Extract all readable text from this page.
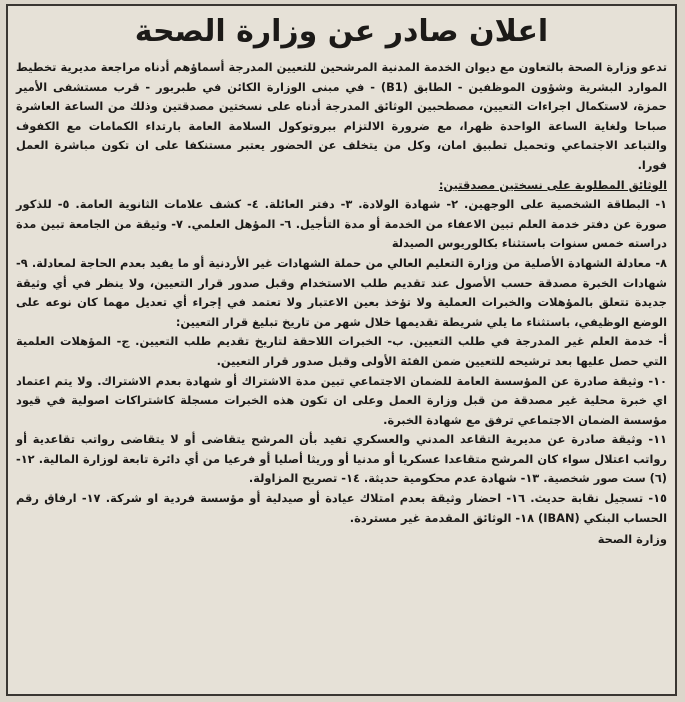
اعلان صادر عن وزارة الصحة

تدعو وزارة الصحة بالتعاون مع ديوان الخدمة المدنية المرشحين للتعيين المدرجة أسماؤهم أدناه مراجعة مديرية تخطيط الموارد البشرية وشؤون الموظفين - الطابق (B1) - في مبنى الوزارة الكائن في طبربور - قرب مستشفى الأمير حمزة، لاستكمال اجراءات التعيين، مصطحبين الوثائق المدرجة أدناه على نسختين مصدقتين وذلك من الساعة العاشرة صباحا ولغاية الساعة الواحدة ظهرا، مع ضرورة الالتزام ببروتوكول السلامة العامة بارتداء الكمامات مع الكفوف والتباعد الاجتماعي وتحميل تطبيق امان، وكل من يتخلف عن الحضور يعتبر مستنكفا على ان تكون مباشرة العمل فورا.

الوثائق المطلوبة على نسختين مصدقتين:

١- البطاقة الشخصية على الوجهين. ٢- شهادة الولادة. ٣- دفتر العائلة. ٤- كشف علامات الثانوية العامة. ٥- للذكور صورة عن دفتر خدمة العلم تبين الاعفاء من الخدمة أو مدة التأجيل. ٦- المؤهل العلمي. ٧- وثيقة من الجامعة تبين مدة دراسته خمس سنوات باستثناء بكالوريوس الصيدلة

٨- معادلة الشهادة الأصلية من وزارة التعليم العالي من حملة الشهادات غير الأردنية أو ما يفيد بعدم الحاجة لمعادلة. ٩- شهادات الخبرة مصدقة حسب الأصول عند تقديم طلب الاستخدام وقبل صدور قرار التعيين، ولا ينظر في أي وثيقة جديدة تتعلق بالمؤهلات والخبرات العملية ولا تؤخذ بعين الاعتبار ولا تعتمد في إجراء أي تعديل مهما كان نوعه على الوضع الوظيفي، باستثناء ما يلي شريطة تقديمها خلال شهر من تاريخ تبليغ قرار التعيين:

أ- خدمة العلم غير المدرجة في طلب التعيين. ب- الخبرات اللاحقة لتاريخ تقديم طلب التعيين. ج- المؤهلات العلمية التي حصل عليها بعد ترشيحه للتعيين ضمن الفئة الأولى وقبل صدور قرار التعيين.

١٠- وثيقة صادرة عن المؤسسة العامة للضمان الاجتماعي تبين مدة الاشتراك أو شهادة بعدم الاشتراك. ولا يتم اعتماد اي خبرة محلية غير مصدقة من قبل وزارة العمل وعلى ان تكون هذه الخبرات مسجلة كاشتراكات اصولية في قيود مؤسسة الضمان الاجتماعي ترفق مع شهادة الخبرة.

١١- وثيقة صادرة عن مديرية التقاعد المدني والعسكري تفيد بأن المرشح يتقاضى أو لا يتقاضى رواتب تقاعدية أو رواتب اعتلال سواء كان المرشح متقاعدا عسكريا أو مدنيا أو وريثا أصليا أو فرعيا من أي دائرة تابعة لوزارة المالية. ١٢- (٦) ست صور شخصية. ١٣- شهادة عدم محكومية حديثة. ١٤- تصريح المزاولة.

١٥- تسجيل نقابة حديث. ١٦- احضار وثيقة بعدم امتلاك عيادة أو صيدلية أو مؤسسة فردية او شركة. ١٧- ارفاق رقم الحساب البنكي (IBAN) ١٨- الوثائق المقدمة غير مستردة.

وزارة الصحة
